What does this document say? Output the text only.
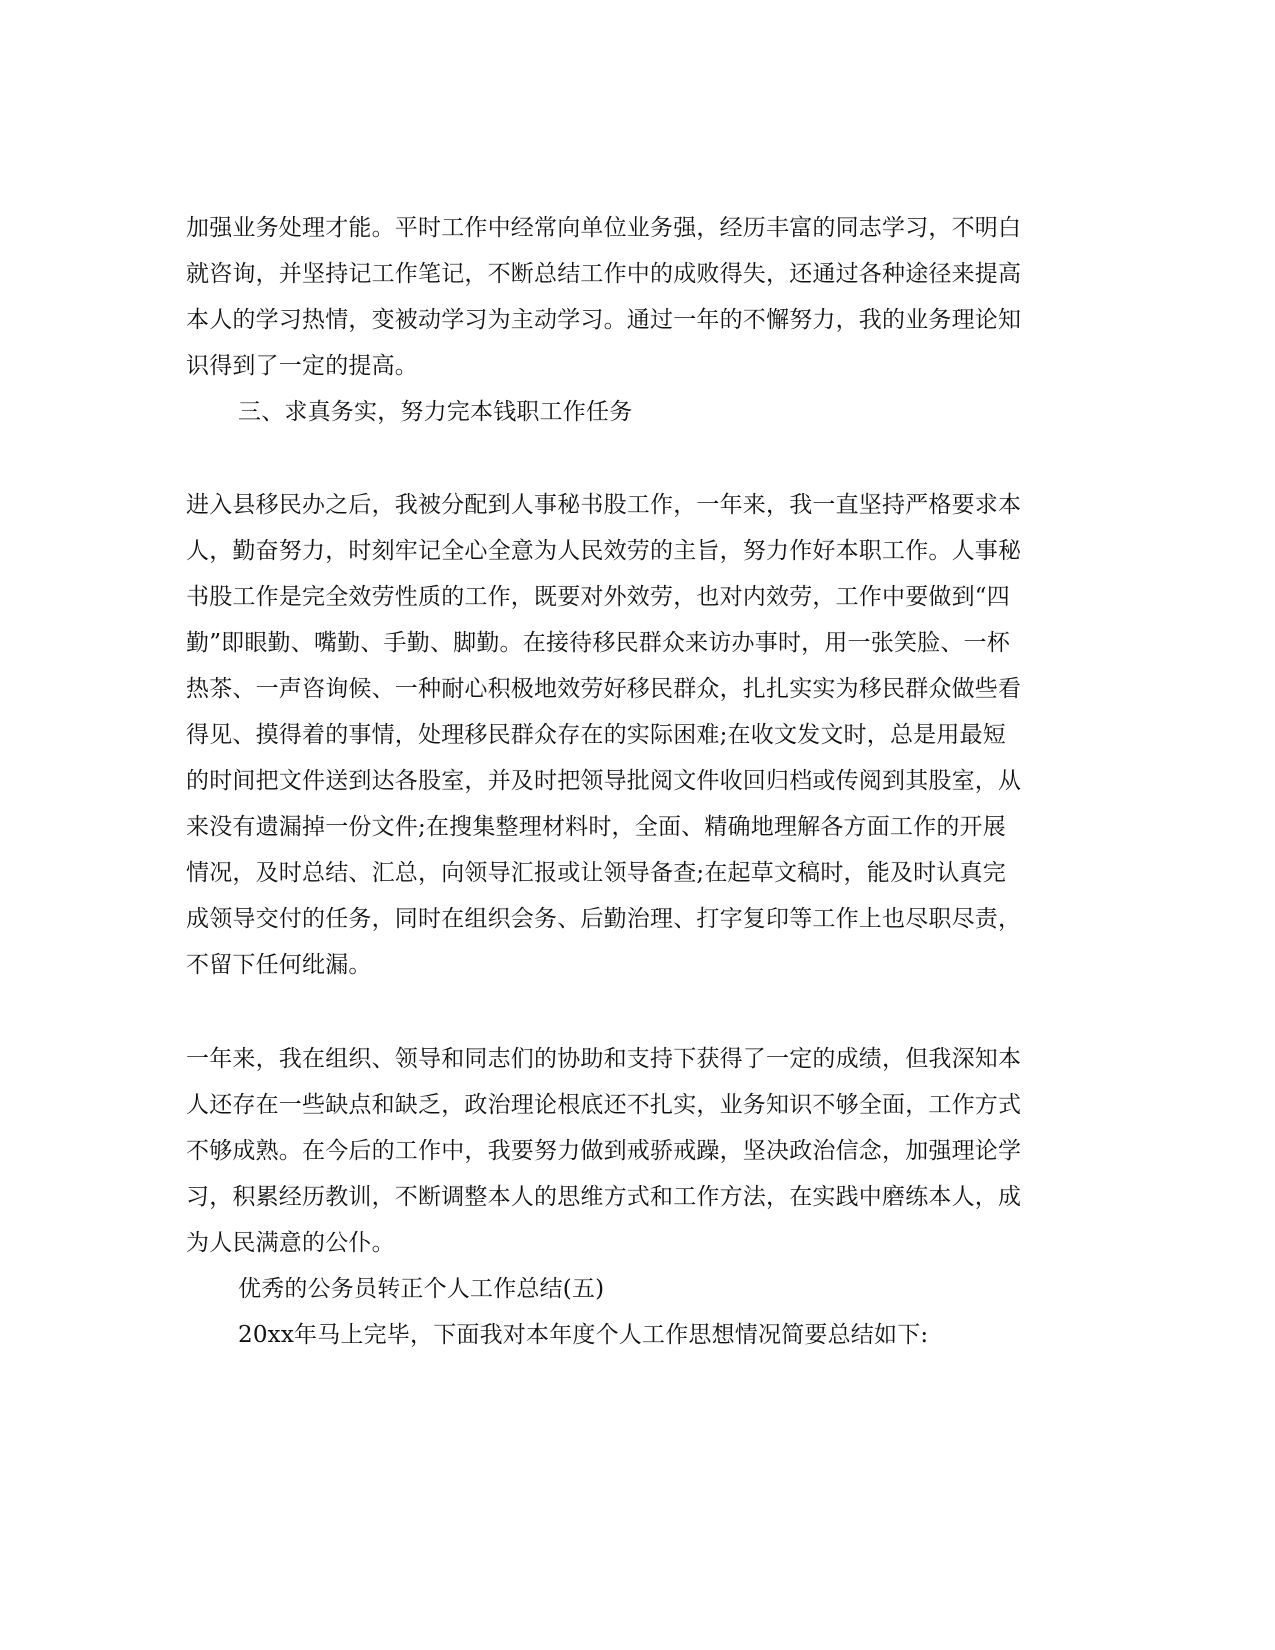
加强业务处理才能。平时工作中经常向单位业务强，经历丰富的同志学习，不明白
就咨询，并坚持记工作笔记，不断总结工作中的成败得失，还通过各种途径来提高
本人的学习热情，变被动学习为主动学习。通过一年的不懈努力，我的业务理论知
识得到了一定的提高。
三、求真务实，努力完本钱职工作任务
进入县移民办之后，我被分配到人事秘书股工作，一年来，我一直坚持严格要求本
人，勤奋努力，时刻牢记全心全意为人民效劳的主旨，努力作好本职工作。人事秘
书股工作是完全效劳性质的工作，既要对外效劳，也对内效劳，工作中要做到“四
勤”即眼勤、嘴勤、手勤、脚勤。在接待移民群众来访办事时，用一张笑脸、一杯
热茶、一声咨询候、一种耐心积极地效劳好移民群众，扎扎实实为移民群众做些看
得见、摸得着的事情，处理移民群众存在的实际困难;在收文发文时，总是用最短
的时间把文件送到达各股室，并及时把领导批阅文件收回归档或传阅到其股室，从
来没有遗漏掉一份文件;在搜集整理材料时，全面、精确地理解各方面工作的开展
情况，及时总结、汇总，向领导汇报或让领导备查;在起草文稿时，能及时认真完
成领导交付的任务，同时在组织会务、后勤治理、打字复印等工作上也尽职尽责，
不留下任何纰漏。
一年来，我在组织、领导和同志们的协助和支持下获得了一定的成绩，但我深知本
人还存在一些缺点和缺乏，政治理论根底还不扎实，业务知识不够全面，工作方式
不够成熟。在今后的工作中，我要努力做到戒骄戒躁，坚决政治信念，加强理论学
习，积累经历教训，不断调整本人的思维方式和工作方法，在实践中磨练本人，成
为人民满意的公仆。
优秀的公务员转正个人工作总结(五)
20xx年马上完毕，下面我对本年度个人工作思想情况简要总结如下:
